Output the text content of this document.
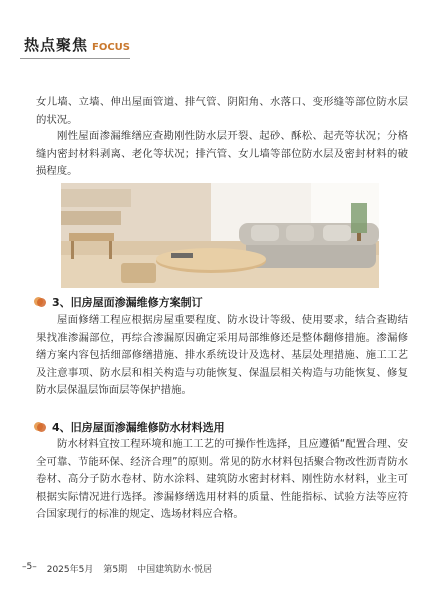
热点聚焦 FOCUS
女儿墙、立墙、伸出屋面管道、排气管、阴阳角、水落口、变形缝等部位防水层的状况。
刚性屋面渗漏维缮应查勘刚性防水层开裂、起砂、酥松、起壳等状况；分格缝内密封材料剥离、老化等状况；排汽管、女儿墙等部位防水层及密封材料的破损程度。
3、旧房屋面渗漏维修方案制订
屋面修缮工程应根据房屋重要程度、防水设计等级、使用要求，结合查勘结果找准渗漏部位，再综合渗漏原因确定采用局部维修还是整体翻修措施。渗漏修缮方案内容包括细部修缮措施、排水系统设计及选材、基层处理措施、施工工艺及注意事项、防水层和相关构造与功能恢复、保温层相关构造与功能恢复、修复防水层保温层饰面层等保护措施。
4、旧房屋面渗漏维修防水材料选用
防水材料宜按工程环境和施工工艺的可操作性选择，且应遵循“配置合理、安全可靠、节能环保、经济合理”的原则。常见的防水材料包括聚合物改性沥青防水卷材、高分子防水卷材、防水涂料、建筑防水密封材料、刚性防水材料，业主可根据实际情况进行选择。渗漏修缮选用材料的质量、性能指标、试验方法等应符合国家现行的标准的规定、选场材料应合格。
–5– 2025年5月 第5期 中国建筑防水·悦居
